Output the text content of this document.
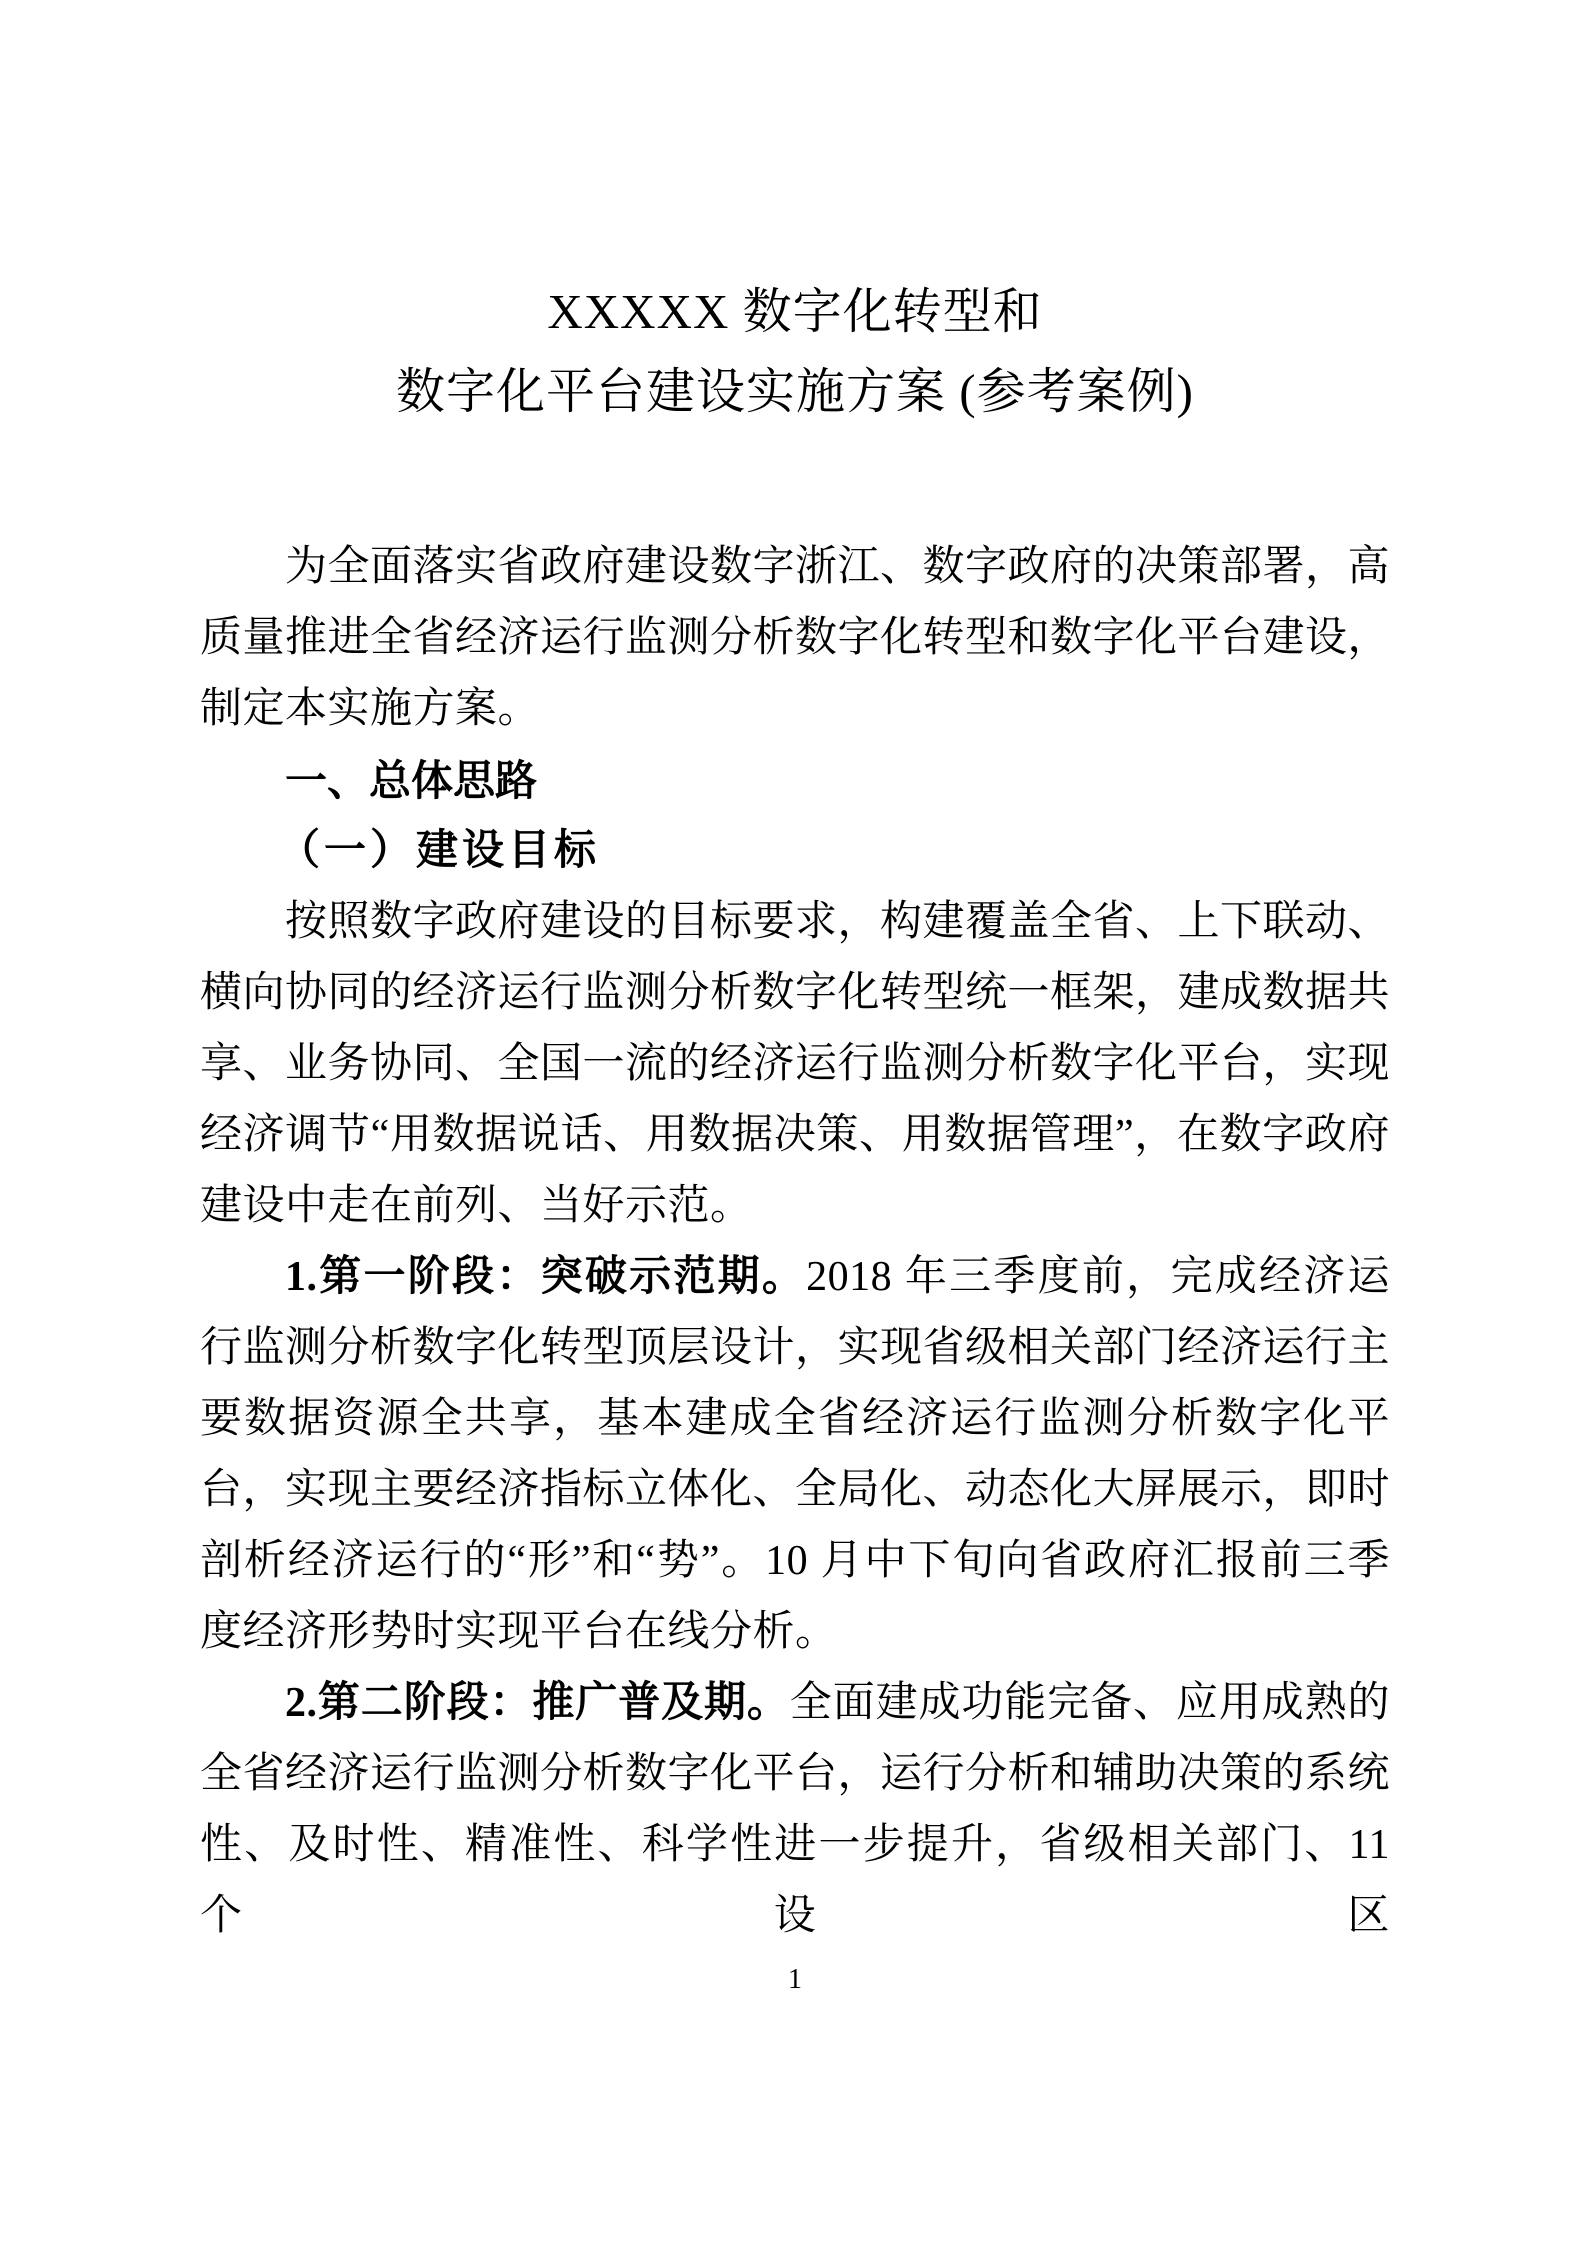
XXXXX 数字化转型和
数字化平台建设实施方案 (参考案例)

为全面落实省政府建设数字浙江、数字政府的决策部署，高质量推进全省经济运行监测分析数字化转型和数字化平台建设，制定本实施方案。

一、总体思路
（一）建设目标

按照数字政府建设的目标要求，构建覆盖全省、上下联动、横向协同的经济运行监测分析数字化转型统一框架，建成数据共享、业务协同、全国一流的经济运行监测分析数字化平台，实现经济调节“用数据说话、用数据决策、用数据管理”，在数字政府建设中走在前列、当好示范。

1.第一阶段：突破示范期。2018 年三季度前，完成经济运行监测分析数字化转型顶层设计，实现省级相关部门经济运行主要数据资源全共享，基本建成全省经济运行监测分析数字化平台，实现主要经济指标立体化、全局化、动态化大屏展示，即时剖析经济运行的“形”和“势”。10 月中下旬向省政府汇报前三季度经济形势时实现平台在线分析。

2.第二阶段：推广普及期。全面建成功能完备、应用成熟的全省经济运行监测分析数字化平台，运行分析和辅助决策的系统性、及时性、精准性、科学性进一步提升，省级相关部门、11 个设区

1
